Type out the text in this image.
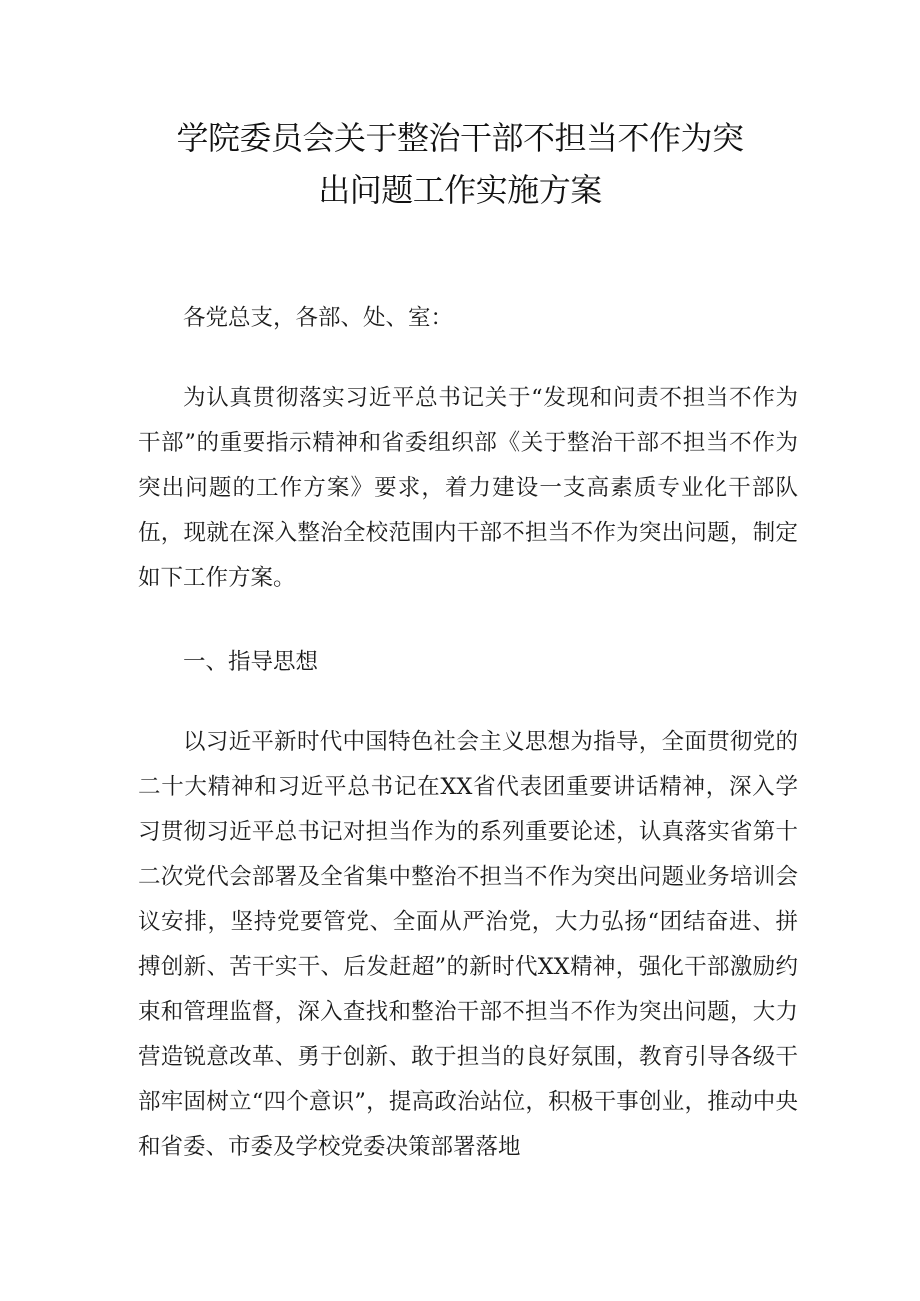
学院委员会关于整治干部不担当不作为突
出问题工作实施方案

各党总支，各部、处、室：

为认真贯彻落实习近平总书记关于“发现和问责不担当不作为干部”的重要指示精神和省委组织部《关于整治干部不担当不作为突出问题的工作方案》要求，着力建设一支高素质专业化干部队伍，现就在深入整治全校范围内干部不担当不作为突出问题，制定如下工作方案。

一、指导思想

以习近平新时代中国特色社会主义思想为指导，全面贯彻党的二十大精神和习近平总书记在XX省代表团重要讲话精神，深入学习贯彻习近平总书记对担当作为的系列重要论述，认真落实省第十二次党代会部署及全省集中整治不担当不作为突出问题业务培训会议安排，坚持党要管党、全面从严治党，大力弘扬“团结奋进、拼搏创新、苦干实干、后发赶超”的新时代XX精神，强化干部激励约束和管理监督，深入查找和整治干部不担当不作为突出问题，大力营造锐意改革、勇于创新、敢于担当的良好氛围，教育引导各级干部牢固树立“四个意识”，提高政治站位，积极干事创业，推动中央和省委、市委及学校党委决策部署落地
